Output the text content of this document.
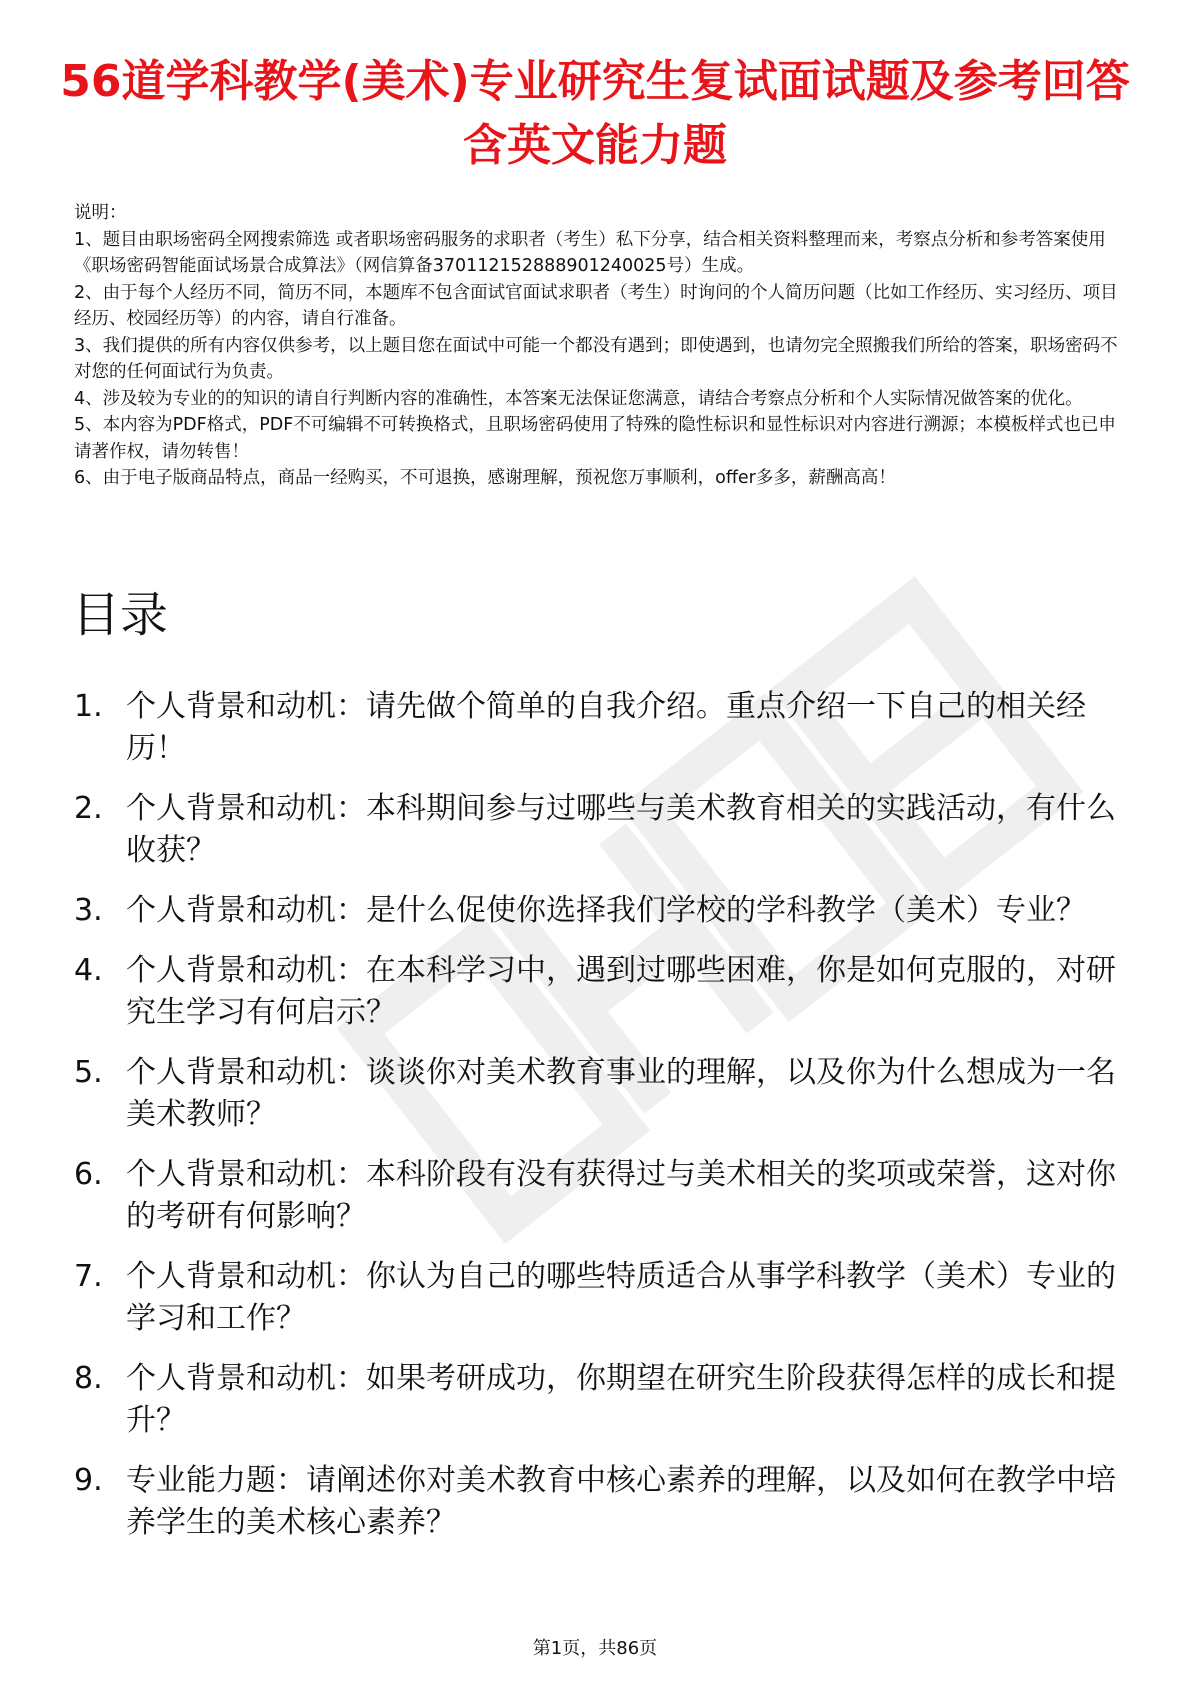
56道学科教学(美术)专业研究生复试面试题及参考回答含英文能力题

说明：

1、题目由职场密码全网搜索筛选 或者职场密码服务的求职者（考生）私下分享，结合相关资料整理而来，考察点分析和参考答案使用《职场密码智能面试场景合成算法》（网信算备370112152888901240025号）生成。

2、由于每个人经历不同，简历不同，本题库不包含面试官面试求职者（考生）时询问的个人简历问题（比如工作经历、实习经历、项目经历、校园经历等）的内容，请自行准备。

3、我们提供的所有内容仅供参考，以上题目您在面试中可能一个都没有遇到；即使遇到，也请勿完全照搬我们所给的答案，职场密码不对您的任何面试行为负责。

4、涉及较为专业的的知识的请自行判断内容的准确性，本答案无法保证您满意，请结合考察点分析和个人实际情况做答案的优化。

5、本内容为PDF格式，PDF不可编辑不可转换格式，且职场密码使用了特殊的隐性标识和显性标识对内容进行溯源；本模板样式也已申请著作权，请勿转售！

6、由于电子版商品特点，商品一经购买，不可退换，感谢理解，预祝您万事顺利，offer多多，薪酬高高！

目录
1. 个人背景和动机：请先做个简单的自我介绍。重点介绍一下自己的相关经历！
2. 个人背景和动机：本科期间参与过哪些与美术教育相关的实践活动，有什么收获？
3. 个人背景和动机：是什么促使你选择我们学校的学科教学（美术）专业？
4. 个人背景和动机：在本科学习中，遇到过哪些困难，你是如何克服的，对研究生学习有何启示？
5. 个人背景和动机：谈谈你对美术教育事业的理解，以及你为什么想成为一名美术教师？
6. 个人背景和动机：本科阶段有没有获得过与美术相关的奖项或荣誉，这对你的考研有何影响？
7. 个人背景和动机：你认为自己的哪些特质适合从事学科教学（美术）专业的学习和工作？
8. 个人背景和动机：如果考研成功，你期望在研究生阶段获得怎样的成长和提升？
9. 专业能力题：请阐述你对美术教育中核心素养的理解，以及如何在教学中培养学生的美术核心素养？
第1页，共86页
